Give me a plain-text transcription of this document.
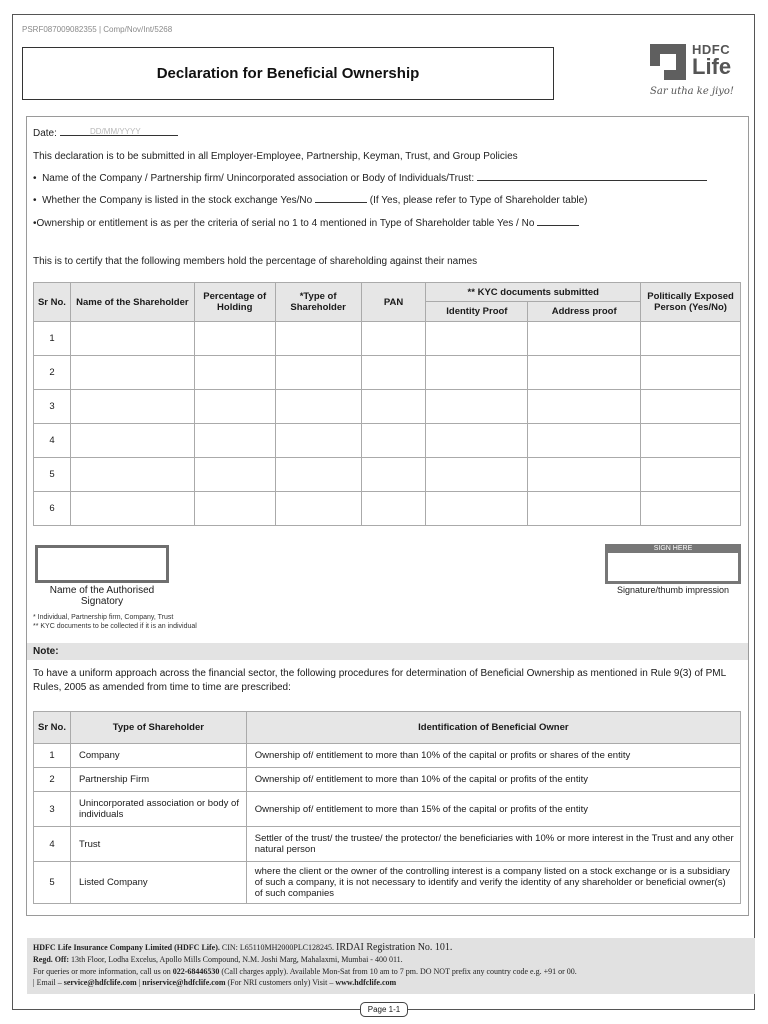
PSRF087009082355 | Comp/Nov/Int/5268
Declaration for Beneficial Ownership
HDFC
Life
Sar utha ke jiyo!
Date:	DD/MM/YYYY
This declaration is to be submitted in all Employer-Employee, Partnership, Keyman, Trust, and Group Policies
•  Name of the Company / Partnership firm/ Unincorporated association or Body of Individuals/Trust:
•  Whether the Company is listed in the stock exchange Yes/No	(If Yes, please refer to Type of Shareholder table)
•Ownership or entitlement is as per the criteria of serial no 1 to 4 mentioned in Type of Shareholder table Yes / No
This is to certify that the following members hold the percentage of shareholding against their names
Sr No.	Name of the Shareholder	Percentage of Holding	*Type of Shareholder	PAN	** KYC documents submitted		Politically Exposed Person (Yes/No)
					Identity Proof	Address proof	
1							
2							
3							
4							
5							
6							
Name of the Authorised Signatory
SIGN HERE
Signature/thumb impression
* Individual, Partnership firm, Company, Trust
** KYC documents to be collected if it is an individual
Note:
To have a uniform approach across the financial sector, the following procedures for determination of Beneficial Ownership as mentioned in Rule 9(3) of PML Rules, 2005 as amended from time to time are prescribed:
Sr No.	Type of Shareholder	Identification of Beneficial Owner
1	Company	Ownership of/ entitlement to more than 10% of the capital or profits or shares of the entity
2	Partnership Firm	Ownership of/ entitlement to more than 10% of the capital or profits of the entity
3	Unincorporated association or body of individuals	Ownership of/ entitlement to more than 15% of the capital or profits of the entity
4	Trust	Settler of the trust/ the trustee/ the protector/ the beneficiaries with 10% or more interest in the Trust and any other natural person
5	Listed Company	where the client or the owner of the controlling interest is a company listed on a stock exchange or is a subsidiary of such a company, it is not necessary to identify and verify the identity of any shareholder or beneficial owner(s) of such companies
HDFC Life Insurance Company Limited (HDFC Life). CIN: L65110MH2000PLC128245. IRDAI Registration No. 101.
Regd. Off: 13th Floor, Lodha Excelus, Apollo Mills Compound, N.M. Joshi Marg, Mahalaxmi, Mumbai - 400 011.
For queries or more information, call us on 022-68446530 (Call charges apply). Available Mon-Sat from 10 am to 7 pm. DO NOT prefix any country code e.g. +91 or 00.
| Email – service@hdfclife.com | nriservice@hdfclife.com (For NRI customers only) Visit – www.hdfclife.com
Page 1-1
